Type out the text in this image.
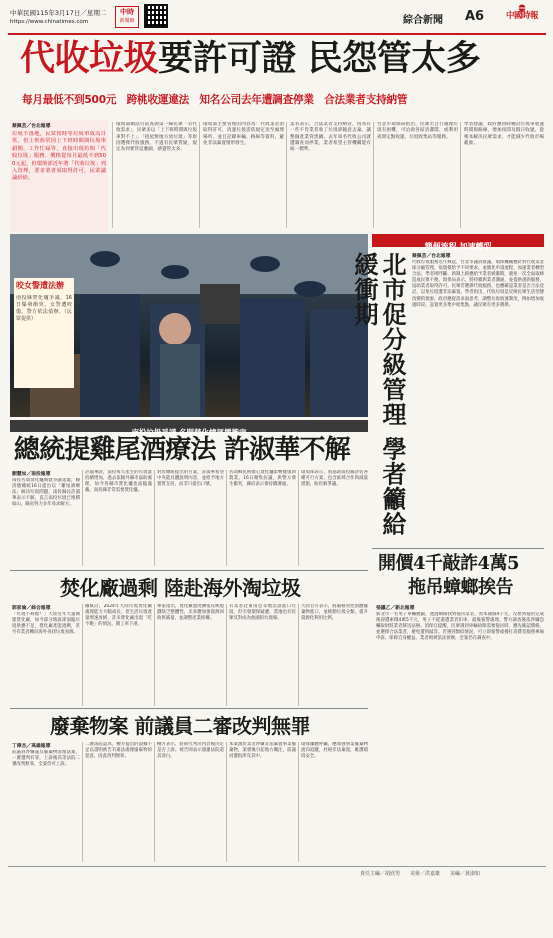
中華民國115年3月17日／星期二
https://www.chinatimes.com
中時
新聞網	綜合新聞 A6	中國時報
代收垃圾要許可證 民怨管太多
每月最低不到500元　跨桃收運違法　知名公司去年遭調查停業　合法業者支持納管
蔡佩芸／台北報導
垃圾不落地，民眾按時等垃圾車成為日常，但上班族常因上下班時間與垃圾車錯開，工作忙碌等，直接出現坊間「代收垃圾」服務，價格從每月最低不到500元起，但環境部近年將「代收垃圾」列入管理，要求業者須取得許可，民眾議論紛紛。
環境部網站目前查詢第一線民眾「有代收需求」，民眾多以「上下班時間與垃圾車對不上」、「租屋無地方放垃圾」等原因選擇代收服務。不過有民眾質疑，規定為何要管這麼細，感覺管太多。
環境部主要管理的內容為：代收業者須取得許可，清運垃圾需依規定送至處理場所，並且記錄車輛、路線等資料，避免非法棄置情形發生。
業者表示，合法業者支持納管，因為有一些不肖業者收了垃圾卻隨意丟棄，讓整個產業背黑鍋。去年知名代收公司就遭調查而停業，業者希望主管機關能有統一標準。
台北市環保局指出，民眾若自行處理垃圾有困難，可洽詢各區清潔隊，或利用夜間定點收運、垃圾收集站等服務。
學者建議，政府應同時檢討垃圾車收運時間與路線，增加夜間及假日收運，從根本解決民眾需求，才能減少代收市場亂象。
咬女警遭法辦
南投縣焚化爐爭議，16日爆發衝突，女警遭咬傷，警方依法偵辦。（民眾提供）
南投垃圾爭議 名間焚化爐評擇衝突
總統提雞尾酒療法 許淑華不解
劉慧如／南投報導
南投名間焚化爐興建爭議延燒，賴清德總統16日提出以「雞尾酒療法」解決垃圾問題，南投縣長許淑華表示不解，直言南投垃圾已堆積如山，縣府努力多年尋求解方。
許淑華說，南投每天產生的垃圾量持續增加，過去依賴外縣市協助處理，如今各縣市焚化爐也面臨滿載，南投縣非常需要焚化爐。
對於總統提出的方案，許淑華希望中央能具體說明內容，並給予地方實質支持，而非只提出口號。
名間鄉民則擔心焚化爐影響健康與農業，16日聚集抗議，與警方發生衝突，縣府表示會持續溝通。
環境部表示，將協助南投縣評估各種可行方案，包含區域合作與減量措施，盼化解爭議。
焚化廠過剩 陸赴海外淘垃圾
郭家倫／綜合報導
「垃圾不夠燒！」大陸近年大量興建焚化廠，如今部分地區卻面臨垃圾供應不足，焚化廠產能過剩，甚至有業者轉向海外尋找垃圾來源。
據統計，2024年大陸垃圾焚化廠處理能力大幅成長，但生活垃圾產量增速放緩，許多焚化廠出現「吃不飽」的情況，開工率下滑。
專家指出，焚化廠過度擴張反映規劃缺乏整體性，未來應加強資源回收與減量，並調整產業結構。
有業者赴東南亞等地洽談進口垃圾，但引發環保疑慮，當地也有民眾反對成為他國的垃圾場。
大陸官方表示，將嚴格管控固體廢棄物進口，並推動垃圾分類，提升資源化利用比例。
廢棄物案 前議員二審改判無罪
丁偉杰／高雄報導
前議員涉嫌違反廢棄物清理法案，一審遭判有罪，上訴後高等法院二審改判無罪，全案仍可上訴。
二審法院認為，檢方提出的證據不足以證明被告有違法處理廢棄物的犯意，因此改判無罪。
檢方表示，將研究判決內容後決定是否上訴。被告則表示感謝法院還其清白。
本案源於業者涉嫌非法棄置事業廢棄物，案發後引起地方關注，前議員遭指涉及其中。
環保團體呼籲，應加強事業廢棄物流向追蹤，杜絕非法棄置，維護環境安全。
簡便流程 加速轉型
北市促分級管理 學者籲給緩衝期	蔡佩芸／台北報導
代收垃圾服務近年興起，台北市議員建議，環保機關應針對代收業者採分級管理，依規模給予不同要求，並簡化申請流程，加速業者轉型合法。學者則呼籲，新制上路應給予業者緩衝期，避免一次全面取締造成民眾不便。環保局表示，將持續與業者溝通，並提供諮詢服務，協助業者取得許可。民眾若選擇代收服務，也應確認業者是否合法登記，以免垃圾遭非法棄置。學者指出，代收垃圾是反映民眾生活型態改變的現象，政府應從需求面思考，調整垃圾收運制度，例如增加收運時段、設置更多集中收集點，讓民眾有更多選擇。
開價4千敲詐4萬5
拖吊蟑螂挨告
張議乙／新北報導
新北市一名男子車輛拋錨，透過網路找到拖吊業者，原本開價4千元，沒想到拖吊完成後卻遭索價4萬5千元，男子不從還遭業者扣車，最後報警處理。警方調查後依涉嫌恐嚇取財將業者移送法辦。消保官提醒，民眾遇到車輛故障需要拖吊時，應先確認價格，並選擇合法業者，避免遭到敲詐。若遇到類似情況，可立即報警或撥打消費者服務專線申訴，保障自身權益。業者則被依法偵辦，全案仍在調查中。
責任主編／胡欣男　　美術／洪嘉雄　　美編／黃淑如
